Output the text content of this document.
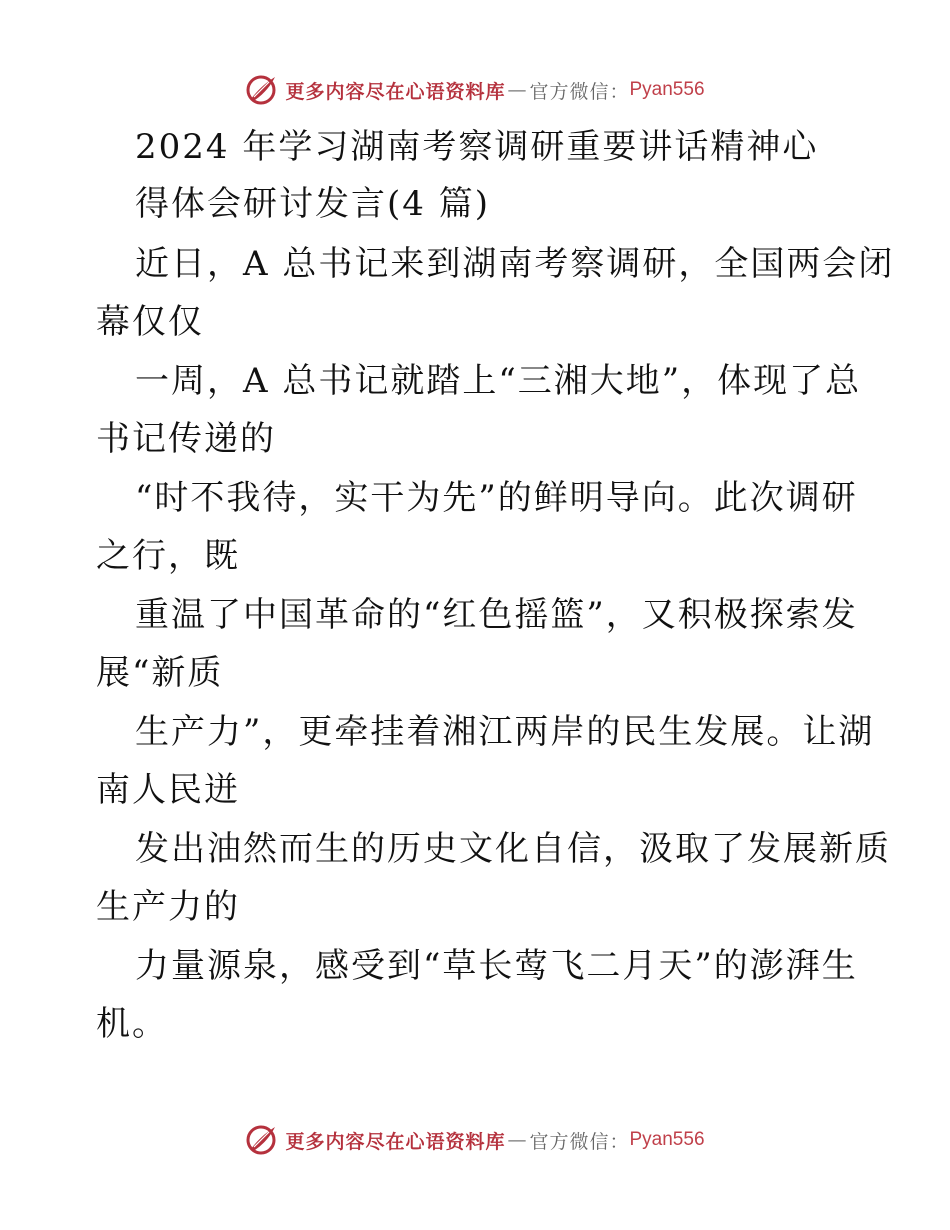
更多内容尽在心语资料库 — 官方微信： Pyan556
2024 年学习湖南考察调研重要讲话精神心
得体会研讨发言(4 篇)
近日，A 总书记来到湖南考察调研，全国两会闭
幕仅仅
一周，A 总书记就踏上“三湘大地”，体现了总
书记传递的
“时不我待，实干为先”的鲜明导向。此次调研
之行，既
重温了中国革命的“红色摇篮”，又积极探索发
展“新质
生产力”，更牵挂着湘江两岸的民生发展。让湖
南人民迸
发出油然而生的历史文化自信，汲取了发展新质
生产力的
力量源泉，感受到“草长莺飞二月天”的澎湃生
机。
更多内容尽在心语资料库 — 官方微信： Pyan556
